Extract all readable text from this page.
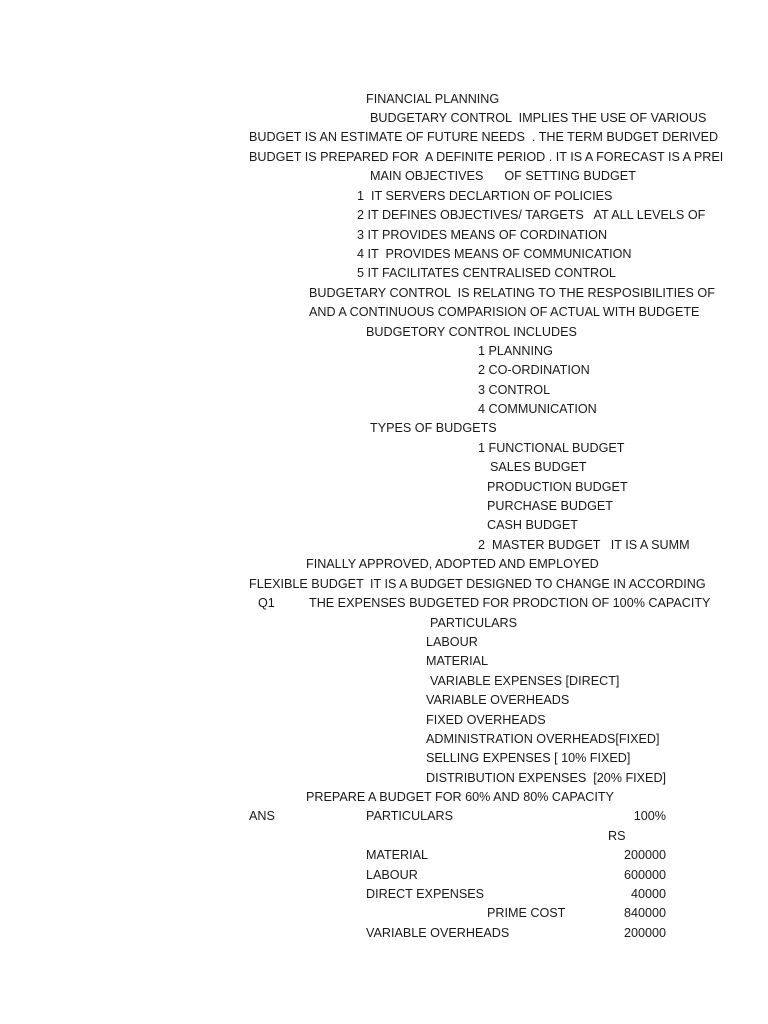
FINANCIAL PLANNING
BUDGETARY CONTROL  IMPLIES THE USE OF VARIOUS
BUDGET IS AN ESTIMATE OF FUTURE NEEDS  . THE TERM BUDGET DERIVED
BUDGET IS PREPARED FOR  A DEFINITE PERIOD . IT IS A FORECAST IS A PREI
MAIN OBJECTIVES      OF SETTING BUDGET
1  IT SERVERS DECLARTION OF POLICIES
2 IT DEFINES OBJECTIVES/ TARGETS   AT ALL LEVELS OF
3 IT PROVIDES MEANS OF CORDINATION
4 IT  PROVIDES MEANS OF COMMUNICATION
5 IT FACILITATES CENTRALISED CONTROL
BUDGETARY CONTROL  IS RELATING TO THE RESPOSIBILITIES OF
AND A CONTINUOUS COMPARISION OF ACTUAL WITH BUDGETE
BUDGETORY CONTROL INCLUDES
1 PLANNING
2 CO-ORDINATION
3 CONTROL
4 COMMUNICATION
TYPES OF BUDGETS
1 FUNCTIONAL BUDGET
SALES BUDGET
PRODUCTION BUDGET
PURCHASE BUDGET
CASH BUDGET
2  MASTER BUDGET   IT IS A SUMM
FINALLY APPROVED, ADOPTED AND EMPLOYED
FLEXIBLE BUDGET IT IS A BUDGET DESIGNED TO CHANGE IN ACCORDING
Q1	THE EXPENSES BUDGETED FOR PRODCTION OF 100% CAPACITY
PARTICULARS
LABOUR
MATERIAL
VARIABLE EXPENSES [DIRECT]
VARIABLE OVERHEADS
FIXED OVERHEADS
ADMINISTRATION OVERHEADS[FIXED]
SELLING EXPENSES [ 10% FIXED]
DISTRIBUTION EXPENSES  [20% FIXED]
PREPARE A BUDGET FOR 60% AND 80% CAPACITY
ANS	PARTICULARS	100%
RS
MATERIAL	200000
LABOUR	600000
DIRECT EXPENSES	40000
PRIME COST	840000
VARIABLE OVERHEADS	200000
